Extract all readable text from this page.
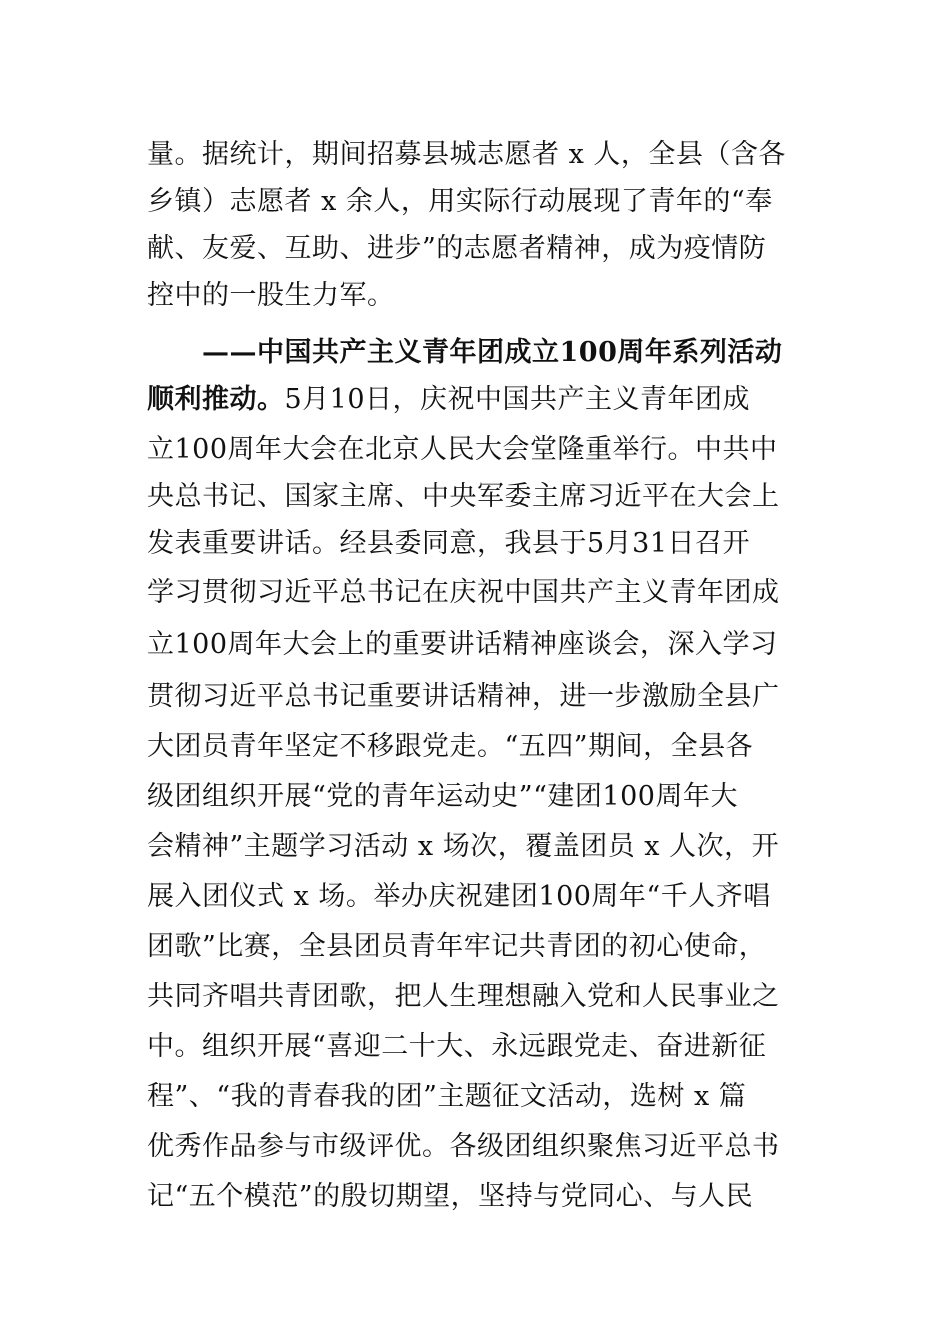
量。据统计，期间招募县城志愿者 x 人，全县（含各
乡镇）志愿者 x 余人，用实际行动展现了青年的“奉
献、友爱、互助、进步”的志愿者精神，成为疫情防
控中的一股生力军。
——中国共产主义青年团成立100周年系列活动
顺利推动。5月10日，庆祝中国共产主义青年团成
立100周年大会在北京人民大会堂隆重举行。中共中
央总书记、国家主席、中央军委主席习近平在大会上
发表重要讲话。经县委同意，我县于5月31日召开
学习贯彻习近平总书记在庆祝中国共产主义青年团成
立100周年大会上的重要讲话精神座谈会，深入学习
贯彻习近平总书记重要讲话精神，进一步激励全县广
大团员青年坚定不移跟党走。“五四”期间，全县各
级团组织开展“党的青年运动史”“建团100周年大
会精神”主题学习活动 x 场次，覆盖团员 x 人次，开
展入团仪式 x 场。举办庆祝建团100周年“千人齐唱
团歌”比赛，全县团员青年牢记共青团的初心使命，
共同齐唱共青团歌，把人生理想融入党和人民事业之
中。组织开展“喜迎二十大、永远跟党走、奋进新征
程”、“我的青春我的团”主题征文活动，选树 x 篇
优秀作品参与市级评优。各级团组织聚焦习近平总书
记“五个模范”的殷切期望，坚持与党同心、与人民
